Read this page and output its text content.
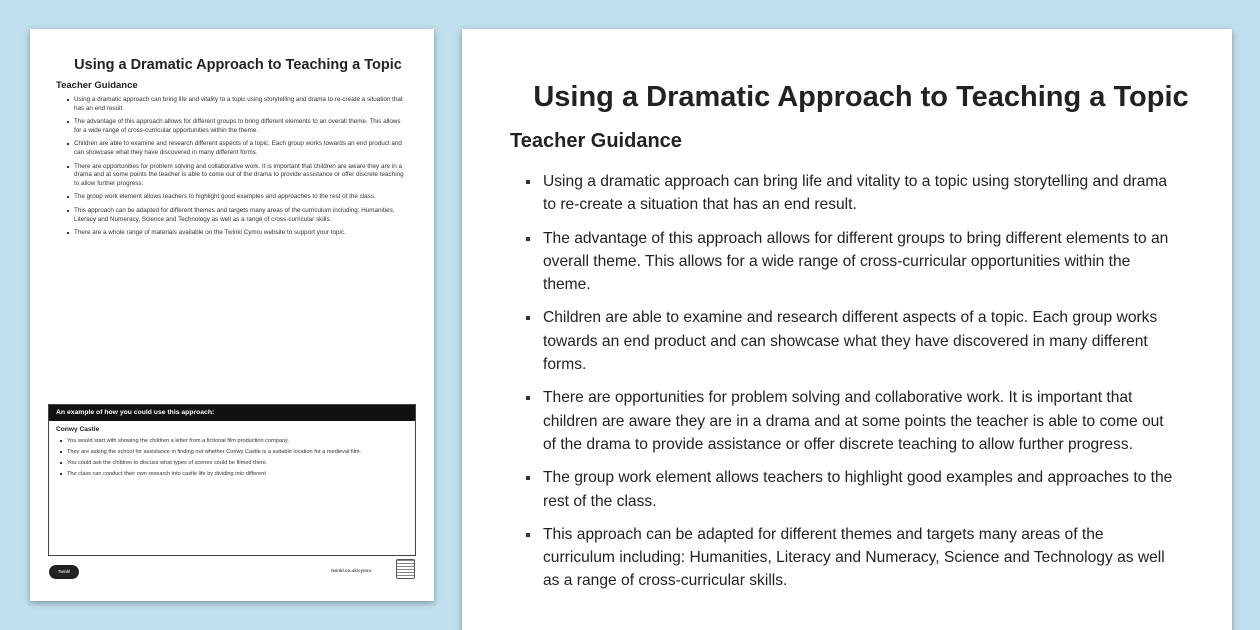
Using a Dramatic Approach to Teaching a Topic
Teacher Guidance
Using a dramatic approach can bring life and vitality to a topic using storytelling and drama to re-create a situation that has an end result.
The advantage of this approach allows for different groups to bring different elements to an overall theme. This allows for a wide range of cross-curricular opportunities within the theme.
Children are able to examine and research different aspects of a topic. Each group works towards an end product and can showcase what they have discovered in many different forms.
There are opportunities for problem solving and collaborative work. It is important that children are aware they are in a drama and at some points the teacher is able to come out of the drama to provide assistance or offer discrete teaching to allow further progress.
The group work element allows teachers to highlight good examples and approaches to the rest of the class.
This approach can be adapted for different themes and targets many areas of the curriculum including: Humanities, Literacy and Numeracy, Science and Technology as well as a range of cross-curricular skills.
There are a whole range of materials available on the Twinkl Cymru website to support your topic.
An example of how you could use this approach:
Conwy Castle
You would start with showing the children a letter from a fictional film production company.
They are asking the school for assistance in finding out whether Conwy Castle is a suitable location for a medieval film.
You could ask the children to discuss what types of scenes could be filmed there.
The class can conduct their own research into castle life by dividing into different
Twinkl	twinkl.co.uk/cymru
Using a Dramatic Approach to Teaching a Topic
Teacher Guidance
Using a dramatic approach can bring life and vitality to a topic using storytelling and drama to re-create a situation that has an end result.
The advantage of this approach allows for different groups to bring different elements to an overall theme. This allows for a wide range of cross-curricular opportunities within the theme.
Children are able to examine and research different aspects of a topic. Each group works towards an end product and can showcase what they have discovered in many different forms.
There are opportunities for problem solving and collaborative work. It is important that children are aware they are in a drama and at some points the teacher is able to come out of the drama to provide assistance or offer discrete teaching to allow further progress.
The group work element allows teachers to highlight good examples and approaches to the rest of the class.
This approach can be adapted for different themes and targets many areas of the curriculum including: Humanities, Literacy and Numeracy, Science and Technology as well as a range of cross-curricular skills.
